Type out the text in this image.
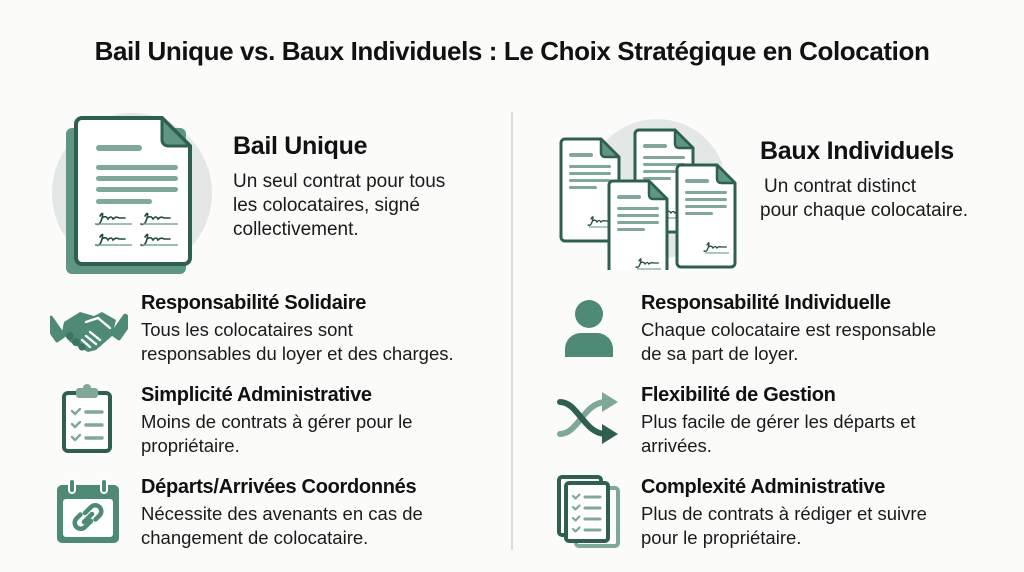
Bail Unique vs. Baux Individuels : Le Choix Stratégique en Colocation
Bail Unique
Un seul contrat pour tous
les colocataires, signé
collectivement.
Responsabilité Solidaire
Tous les colocataires sont
responsables du loyer et des charges.
Simplicité Administrative
Moins de contrats à gérer pour le
propriétaire.
Départs/Arrivées Coordonnés
Nécessite des avenants en cas de
changement de colocataire.
Baux Individuels
Un contrat distinct
pour chaque colocataire.
Responsabilité Individuelle
Chaque colocataire est responsable
de sa part de loyer.
Flexibilité de Gestion
Plus facile de gérer les départs et
arrivées.
Complexité Administrative
Plus de contrats à rédiger et suivre
pour le propriétaire.
